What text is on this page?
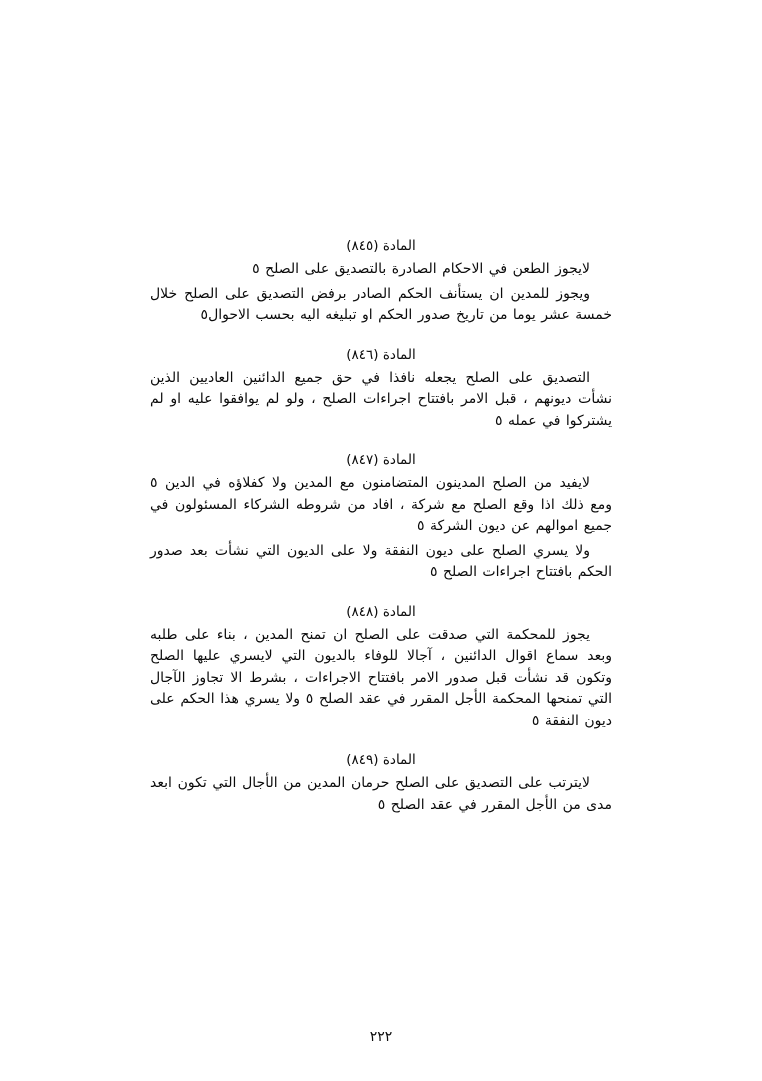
المادة (٨٤٥)

لايجوز الطعن في الاحكام الصادرة بالتصديق على الصلح ٥

ويجوز للمدين ان يستأنف الحكم الصادر برفض التصديق على الصلح خلال خمسة عشر يوما من تاريخ صدور الحكم او تبليغه اليه بحسب الاحوال٥

المادة (٨٤٦)

التصديق على الصلح يجعله نافذا في حق جميع الدائنين العاديين الذين نشأت ديونهم ، قبل الامر بافتتاح اجراءات الصلح ، ولو لم يوافقوا عليه او لم يشتركوا في عمله ٥

المادة (٨٤٧)

لايفيد من الصلح المدينون المتضامنون مع المدين ولا كفلاؤه في الدين ٥ ومع ذلك اذا وقع الصلح مع شركة ، افاد من شروطه الشركاء المسئولون في جميع اموالهم عن ديون الشركة ٥

ولا يسري الصلح على ديون النفقة ولا على الديون التي نشأت بعد صدور الحكم بافتتاح اجراءات الصلح ٥

المادة (٨٤٨)

يجوز للمحكمة التي صدقت على الصلح ان تمنح المدين ، بناء على طلبه وبعد سماع اقوال الدائنين ، آجالا للوفاء بالديون التي لايسري عليها الصلح وتكون قد نشأت قبل صدور الامر بافتتاح الاجراءات ، بشرط الا تجاوز الآجال التي تمنحها المحكمة الأجل المقرر في عقد الصلح ٥ ولا يسري هذا الحكم على ديون النفقة ٥

المادة (٨٤٩)

لايترتب على التصديق على الصلح حرمان المدين من الأجال التي تكون ابعد مدى من الأجل المقرر في عقد الصلح ٥

٢٢٢
